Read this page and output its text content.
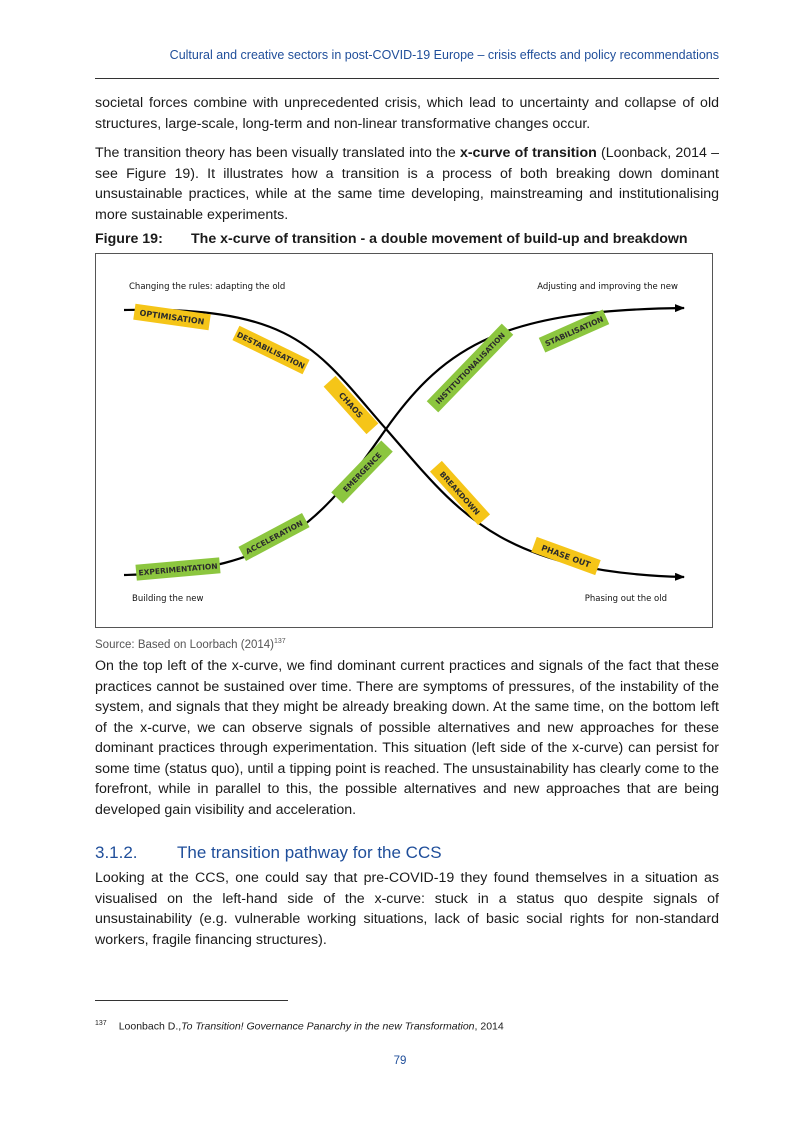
Cultural and creative sectors in post-COVID-19 Europe – crisis effects and policy recommendations

societal forces combine with unprecedented crisis, which lead to uncertainty and collapse of old structures, large-scale, long-term and non-linear transformative changes occur.

The transition theory has been visually translated into the x-curve of transition (Loonback, 2014 – see Figure 19). It illustrates how a transition is a process of both breaking down dominant unsustainable practices, while at the same time developing, mainstreaming and institutionalising more sustainable experiments.

Figure 19: The x-curve of transition - a double movement of build-up and breakdown
Changing the rules: adapting the old	Adjusting and improving the new
Building the new	Phasing out the old
OPTIMISATION
DESTABILISATION
CHAOS
BREAKDOWN
PHASE OUT
EXPERIMENTATION
ACCELERATION
EMERGENCE
INSTITUTIONALISATION	STABILISATION
Source: Based on Loorbach $(2014)^{137}$

On the top left of the x-curve, we find dominant current practices and signals of the fact that these practices cannot be sustained over time. There are symptoms of pressures, of the instability of the system, and signals that they might be already breaking down. At the same time, on the bottom left of the x-curve, we can observe signals of possible alternatives and new approaches for these dominant practices through experimentation. This situation (left side of the x-curve) can persist for some time (status quo), until a tipping point is reached. The unsustainability has clearly come to the forefront, while in parallel to this, the possible alternatives and new approaches that are being developed gain visibility and acceleration.

3.1.2. The transition pathway for the CCS

Looking at the CCS, one could say that pre-COVID-19 they found themselves in a situation as visualised on the left-hand side of the x-curve: stuck in a status quo despite signals of unsustainability (e.g. vulnerable working situations, lack of basic social rights for non-standard workers, fragile financing structures).

$^{137}$ Loonbach D.,To Transition! Governance Panarchy in the new Transformation, 2014
79
